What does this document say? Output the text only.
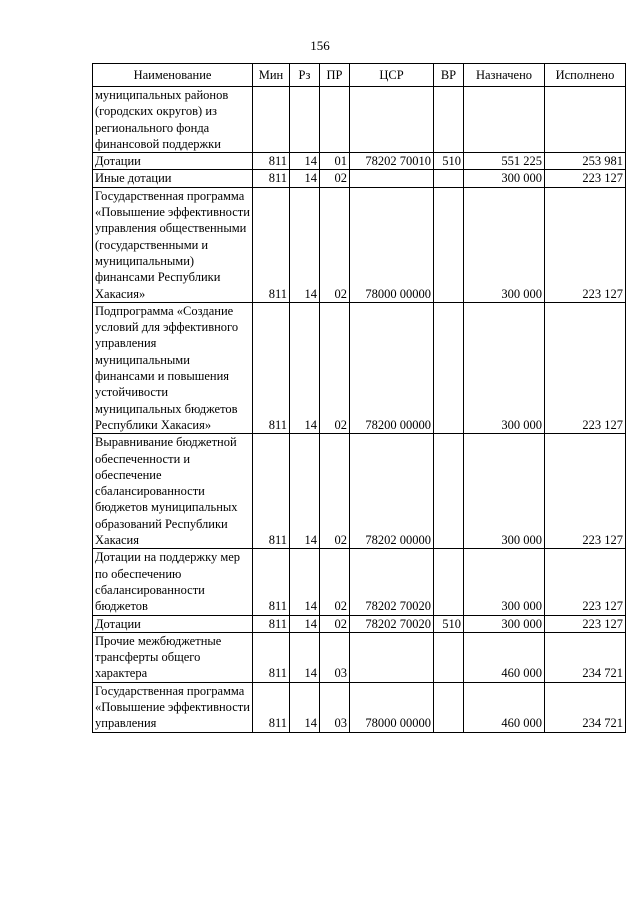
156
Наименование	Мин	Рз	ПР	ЦСР	ВР	Назначено	Исполнено
муниципальных районов (городских округов) из регионального фонда финансовой поддержки							
Дотации	811	14	01	78202 70010	510	551 225	253 981
Иные дотации	811	14	02			300 000	223 127
Государственная программа «Повышение эффективности управления общественными (государственными и муниципальными) финансами Республики Хакасия»	811	14	02	78000 00000		300 000	223 127
Подпрограмма «Создание условий для эффективного управления муниципальными финансами и повышения устойчивости муниципальных бюджетов Республики Хакасия»	811	14	02	78200 00000		300 000	223 127
Выравнивание бюджетной обеспеченности и обеспечение сбалансированности бюджетов муниципальных образований Республики Хакасия	811	14	02	78202 00000		300 000	223 127
Дотации на поддержку мер по обеспечению сбалансированности бюджетов	811	14	02	78202 70020		300 000	223 127
Дотации	811	14	02	78202 70020	510	300 000	223 127
Прочие межбюджетные трансферты общего характера	811	14	03			460 000	234 721
Государственная программа «Повышение эффективности управления	811	14	03	78000 00000		460 000	234 721
